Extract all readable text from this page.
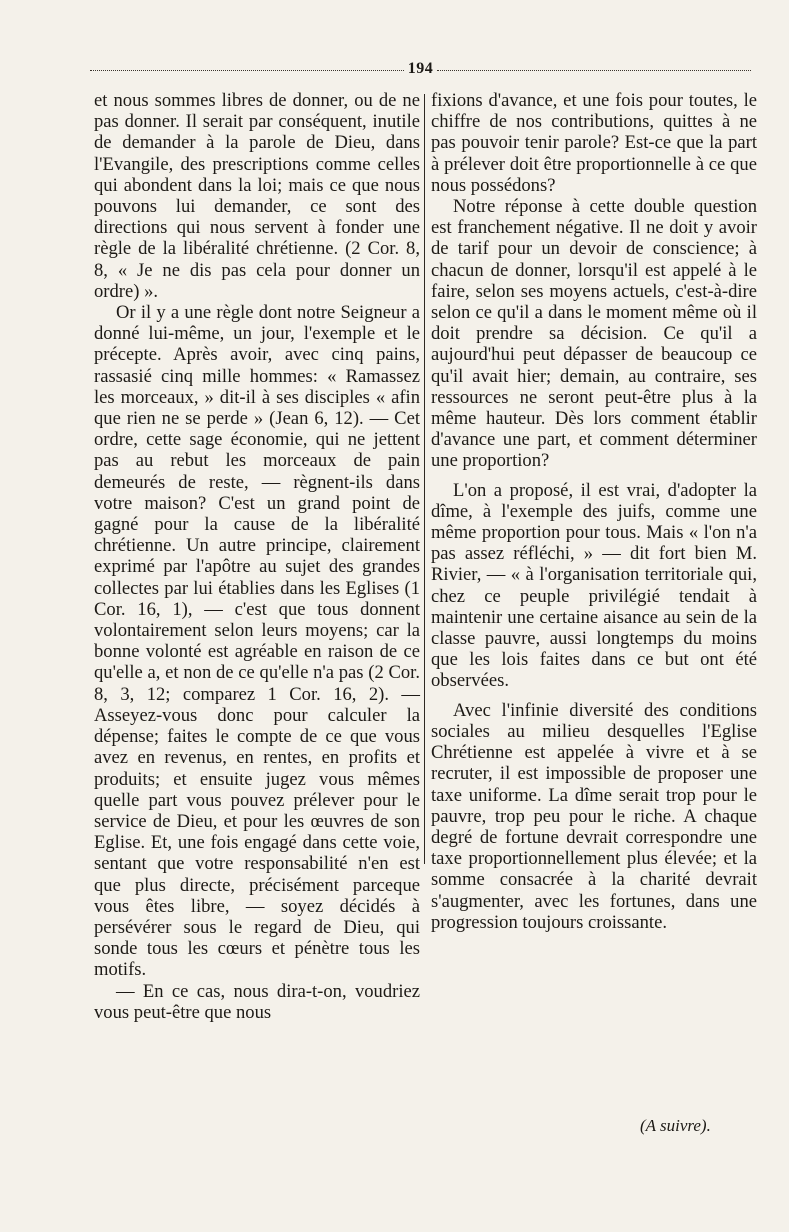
194

et nous sommes libres de donner, ou de ne pas donner. Il serait par conséquent, inutile de demander à la parole de Dieu, dans l'Evangile, des prescriptions comme celles qui abondent dans la loi; mais ce que nous pouvons lui demander, ce sont des directions qui nous servent à fonder une règle de la libéralité chrétienne. (2 Cor. 8, 8, « Je ne dis pas cela pour donner un ordre) ».

Or il y a une règle dont notre Seigneur a donné lui-même, un jour, l'exemple et le précepte. Après avoir, avec cinq pains, rassasié cinq mille hommes: « Ramassez les morceaux, » dit-il à ses disciples « afin que rien ne se perde » (Jean 6, 12). — Cet ordre, cette sage économie, qui ne jettent pas au rebut les morceaux de pain demeurés de reste, — règnent-ils dans votre maison? C'est un grand point de gagné pour la cause de la libéralité chrétienne. Un autre principe, clairement exprimé par l'apôtre au sujet des grandes collectes par lui établies dans les Eglises (1 Cor. 16, 1), — c'est que tous donnent volontairement selon leurs moyens; car la bonne volonté est agréable en raison de ce qu'elle a, et non de ce qu'elle n'a pas (2 Cor. 8, 3, 12; comparez 1 Cor. 16, 2). — Asseyez-vous donc pour calculer la dépense; faites le compte de ce que vous avez en revenus, en rentes, en profits et produits; et ensuite jugez vous mêmes quelle part vous pouvez prélever pour le service de Dieu, et pour les œuvres de son Eglise. Et, une fois engagé dans cette voie, sentant que votre responsabilité n'en est que plus directe, précisément parceque vous êtes libre, — soyez décidés à persévérer sous le regard de Dieu, qui sonde tous les cœurs et pénètre tous les motifs.

— En ce cas, nous dira-t-on, voudriez vous peut-être que nous

fixions d'avance, et une fois pour toutes, le chiffre de nos contributions, quittes à ne pas pouvoir tenir parole? Est-ce que la part à prélever doit être proportionnelle à ce que nous possédons?

Notre réponse à cette double question est franchement négative. Il ne doit y avoir de tarif pour un devoir de conscience; à chacun de donner, lorsqu'il est appelé à le faire, selon ses moyens actuels, c'est-à-dire selon ce qu'il a dans le moment même où il doit prendre sa décision. Ce qu'il a aujourd'hui peut dépasser de beaucoup ce qu'il avait hier; demain, au contraire, ses ressources ne seront peut-être plus à la même hauteur. Dès lors comment établir d'avance une part, et comment déterminer une proportion?

L'on a proposé, il est vrai, d'adopter la dîme, à l'exemple des juifs, comme une même proportion pour tous. Mais « l'on n'a pas assez réfléchi, » — dit fort bien M. Rivier, — « à l'organisation territoriale qui, chez ce peuple privilégié tendait à maintenir une certaine aisance au sein de la classe pauvre, aussi longtemps du moins que les lois faites dans ce but ont été observées.

Avec l'infinie diversité des conditions sociales au milieu desquelles l'Eglise Chrétienne est appelée à vivre et à se recruter, il est impossible de proposer une taxe uniforme. La dîme serait trop pour le pauvre, trop peu pour le riche. A chaque degré de fortune devrait correspondre une taxe proportionnellement plus élevée; et la somme consacrée à la charité devrait s'augmenter, avec les fortunes, dans une progression toujours croissante.

(A suivre).
